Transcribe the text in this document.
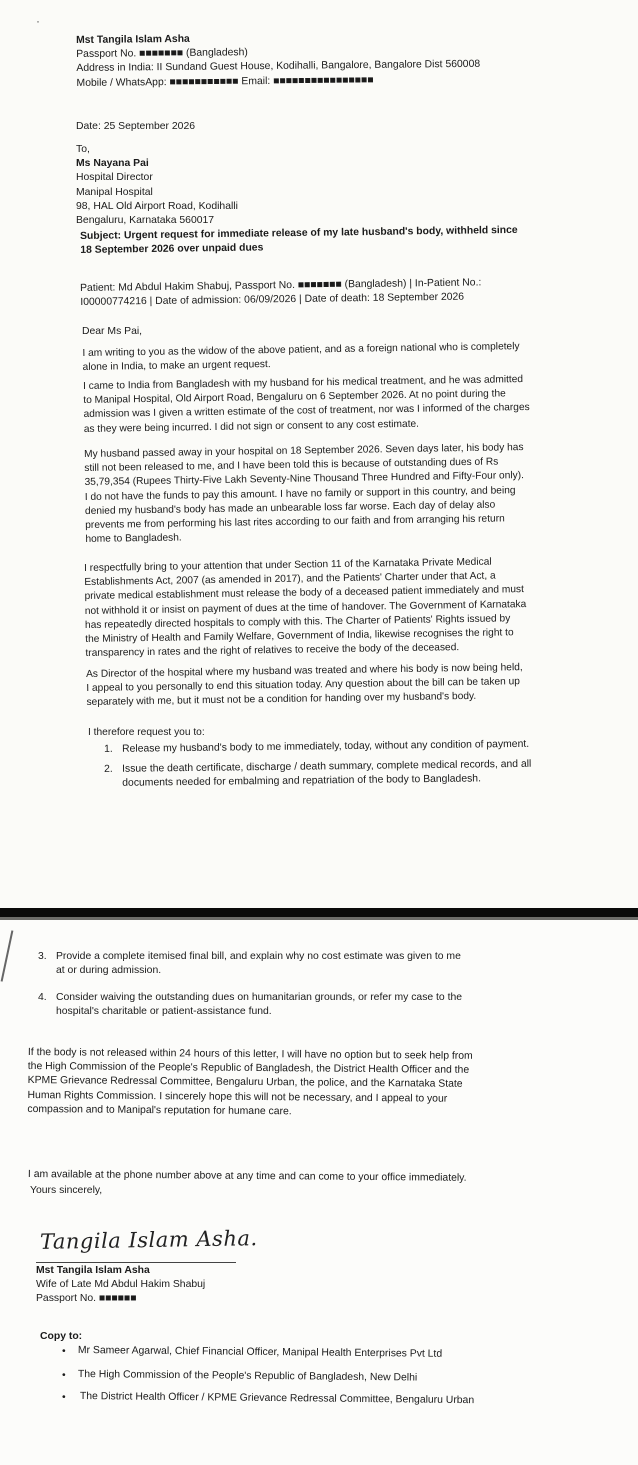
·
Mst Tangila Islam Asha
Passport No. ■■■■■■■ (Bangladesh)
Address in India: II Sundand Guest House, Kodihalli, Bangalore, Bangalore Dist 560008
Mobile / WhatsApp: ■■■■■■■■■■■ Email: ■■■■■■■■■■■■■■■■
Date: 25 September 2026
To,
Ms Nayana Pai
Hospital Director
Manipal Hospital
98, HAL Old Airport Road, Kodihalli
Bengaluru, Karnataka 560017
Subject: Urgent request for immediate release of my late husband's body, withheld since
18 September 2026 over unpaid dues
Patient: Md Abdul Hakim Shabuj, Passport No. ■■■■■■■ (Bangladesh) | In-Patient No.:
I00000774216 | Date of admission: 06/09/2026 | Date of death: 18 September 2026
Dear Ms Pai,
I am writing to you as the widow of the above patient, and as a foreign national who is completely
alone in India, to make an urgent request.
I came to India from Bangladesh with my husband for his medical treatment, and he was admitted
to Manipal Hospital, Old Airport Road, Bengaluru on 6 September 2026. At no point during the
admission was I given a written estimate of the cost of treatment, nor was I informed of the charges
as they were being incurred. I did not sign or consent to any cost estimate.
My husband passed away in your hospital on 18 September 2026. Seven days later, his body has
still not been released to me, and I have been told this is because of outstanding dues of Rs
35,79,354 (Rupees Thirty-Five Lakh Seventy-Nine Thousand Three Hundred and Fifty-Four only).
I do not have the funds to pay this amount. I have no family or support in this country, and being
denied my husband's body has made an unbearable loss far worse. Each day of delay also
prevents me from performing his last rites according to our faith and from arranging his return
home to Bangladesh.
I respectfully bring to your attention that under Section 11 of the Karnataka Private Medical
Establishments Act, 2007 (as amended in 2017), and the Patients' Charter under that Act, a
private medical establishment must release the body of a deceased patient immediately and must
not withhold it or insist on payment of dues at the time of handover. The Government of Karnataka
has repeatedly directed hospitals to comply with this. The Charter of Patients' Rights issued by
the Ministry of Health and Family Welfare, Government of India, likewise recognises the right to
transparency in rates and the right of relatives to receive the body of the deceased.
As Director of the hospital where my husband was treated and where his body is now being held,
I appeal to you personally to end this situation today. Any question about the bill can be taken up
separately with me, but it must not be a condition for handing over my husband's body.
I therefore request you to:
1. Release my husband's body to me immediately, today, without any condition of payment.
2. Issue the death certificate, discharge / death summary, complete medical records, and all
documents needed for embalming and repatriation of the body to Bangladesh.
3. Provide a complete itemised final bill, and explain why no cost estimate was given to me
at or during admission.
4. Consider waiving the outstanding dues on humanitarian grounds, or refer my case to the
hospital's charitable or patient-assistance fund.
If the body is not released within 24 hours of this letter, I will have no option but to seek help from
the High Commission of the People's Republic of Bangladesh, the District Health Officer and the
KPME Grievance Redressal Committee, Bengaluru Urban, the police, and the Karnataka State
Human Rights Commission. I sincerely hope this will not be necessary, and I appeal to your
compassion and to Manipal's reputation for humane care.
I am available at the phone number above at any time and can come to your office immediately.
Yours sincerely,
Tangila Islam Asha.
Mst Tangila Islam Asha
Wife of Late Md Abdul Hakim Shabuj
Passport No. ■■■■■■
Copy to:
• Mr Sameer Agarwal, Chief Financial Officer, Manipal Health Enterprises Pvt Ltd
• The High Commission of the People's Republic of Bangladesh, New Delhi
• The District Health Officer / KPME Grievance Redressal Committee, Bengaluru Urban
